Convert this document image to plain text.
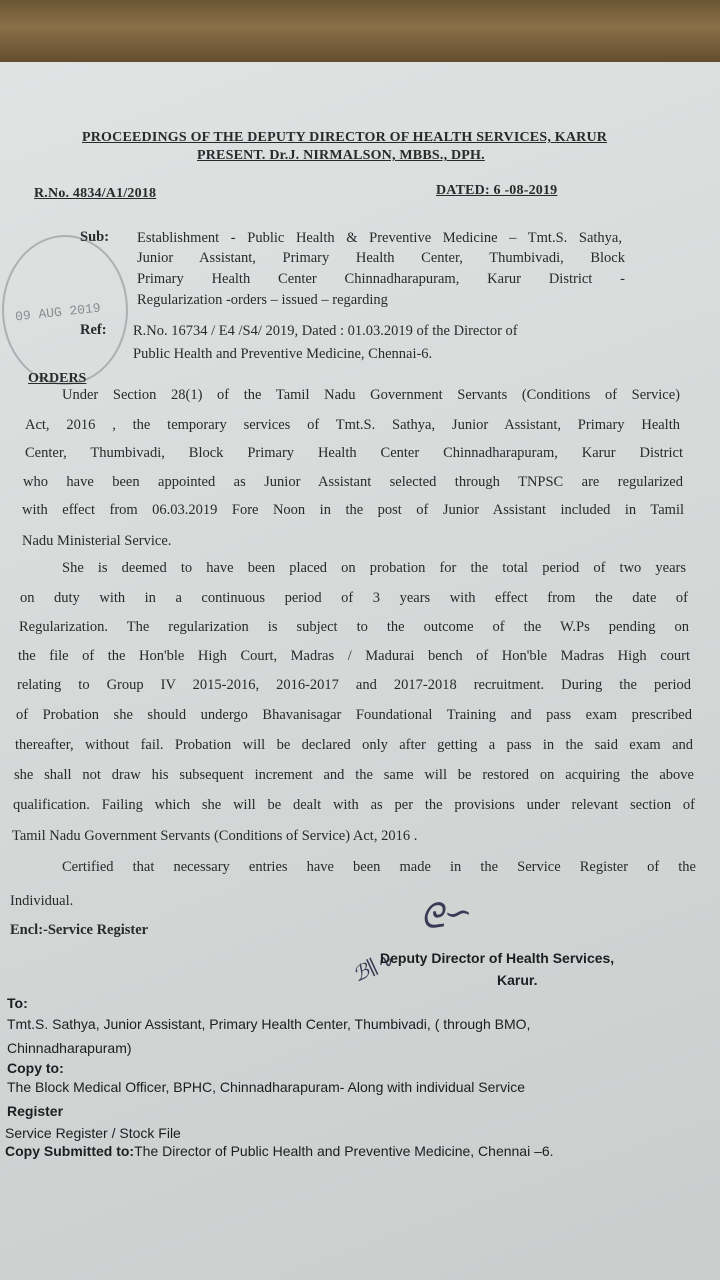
09 AUG 2019
PROCEEDINGS OF THE DEPUTY DIRECTOR OF HEALTH SERVICES, KARUR
PRESENT. Dr.J. NIRMALSON, MBBS., DPH.
R.No. 4834/A1/2018	DATED: 6 -08-2019
Sub: Establishment - Public Health & Preventive Medicine – Tmt.S. Sathya,
Junior Assistant, Primary Health Center, Thumbivadi, Block
Primary Health Center Chinnadharapuram, Karur District -
Regularization -orders – issued – regarding
Ref: R.No. 16734 / E4 /S4/ 2019, Dated : 01.03.2019 of the Director of
Public Health and Preventive Medicine, Chennai-6.
ORDERS
Under Section 28(1) of the Tamil Nadu Government Servants (Conditions of Service)
Act, 2016 , the temporary services of Tmt.S. Sathya, Junior Assistant, Primary Health
Center, Thumbivadi, Block Primary Health Center Chinnadharapuram, Karur District
who have been appointed as Junior Assistant selected through TNPSC are regularized
with effect from 06.03.2019 Fore Noon in the post of Junior Assistant included in Tamil
Nadu Ministerial Service.
She is deemed to have been placed on probation for the total period of two years
on duty with in a continuous period of 3 years with effect from the date of
Regularization. The regularization is subject to the outcome of the W.Ps pending on
the file of the Hon'ble High Court, Madras / Madurai bench of Hon'ble Madras High court
relating to Group IV 2015-2016, 2016-2017 and 2017-2018 recruitment. During the period
of Probation she should undergo Bhavanisagar Foundational Training and pass exam prescribed
thereafter, without fail. Probation will be declared only after getting a pass in the said exam and
she shall not draw his subsequent increment and the same will be restored on acquiring the above
qualification. Failing which she will be dealt with as per the provisions under relevant section of
Tamil Nadu Government Servants (Conditions of Service) Act, 2016 .
Certified that necessary entries have been made in the Service Register of the
Individual.
Encl:-Service Register	ᘓ∽
ℬ∥∿
Deputy Director of Health Services,
Karur.
To:
Tmt.S. Sathya, Junior Assistant, Primary Health Center, Thumbivadi, ( through BMO,
Chinnadharapuram)
Copy to:
The Block Medical Officer, BPHC, Chinnadharapuram- Along with individual Service
Register
Service Register / Stock File
Copy Submitted to:The Director of Public Health and Preventive Medicine, Chennai –6.
